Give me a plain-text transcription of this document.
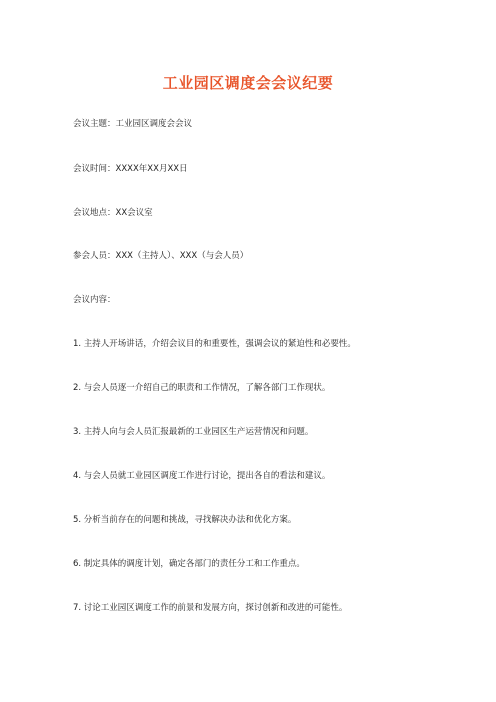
工业园区调度会会议纪要
会议主题：工业园区调度会会议
会议时间：XXXX年XX月XX日
会议地点：XX会议室
参会人员：XXX（主持人）、XXX（与会人员）
会议内容：
1. 主持人开场讲话，介绍会议目的和重要性，强调会议的紧迫性和必要性。
2. 与会人员逐一介绍自己的职责和工作情况，了解各部门工作现状。
3. 主持人向与会人员汇报最新的工业园区生产运营情况和问题。
4. 与会人员就工业园区调度工作进行讨论，提出各自的看法和建议。
5. 分析当前存在的问题和挑战，寻找解决办法和优化方案。
6. 制定具体的调度计划，确定各部门的责任分工和工作重点。
7. 讨论工业园区调度工作的前景和发展方向，探讨创新和改进的可能性。
